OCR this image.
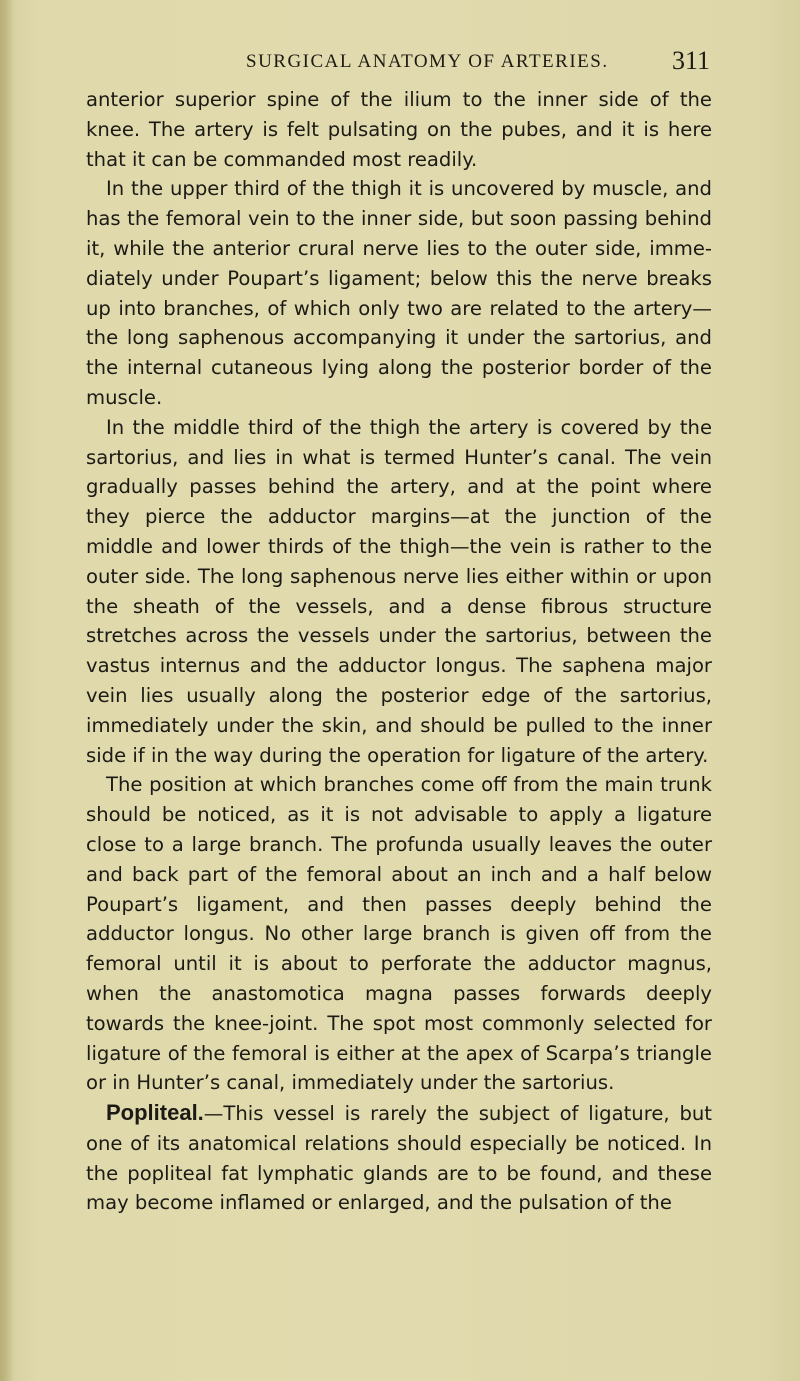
SURGICAL ANATOMY OF ARTERIES. 311

anterior superior spine of the ilium to the inner side of the knee. The artery is felt pulsating on the pubes, and it is here that it can be commanded most readily.

In the upper third of the thigh it is uncovered by muscle, and has the femoral vein to the inner side, but soon passing behind it, while the anterior crural nerve lies to the outer side, imme-diately under Poupart’s ligament; below this the nerve breaks up into branches, of which only two are related to the artery—the long saphenous accompanying it under the sartorius, and the internal cutaneous lying along the posterior border of the muscle.

In the middle third of the thigh the artery is covered by the sartorius, and lies in what is termed Hunter’s canal. The vein gradually passes behind the artery, and at the point where they pierce the adductor margins—at the junction of the middle and lower thirds of the thigh—the vein is rather to the outer side. The long saphenous nerve lies either within or upon the sheath of the vessels, and a dense fibrous structure stretches across the vessels under the sartorius, between the vastus internus and the adductor longus. The saphena major vein lies usually along the posterior edge of the sartorius, immediately under the skin, and should be pulled to the inner side if in the way during the operation for ligature of the artery.

The position at which branches come off from the main trunk should be noticed, as it is not advisable to apply a ligature close to a large branch. The profunda usually leaves the outer and back part of the femoral about an inch and a half below Poupart’s ligament, and then passes deeply behind the adductor longus. No other large branch is given off from the femoral until it is about to perforate the adductor magnus, when the anastomotica magna passes forwards deeply towards the knee-joint. The spot most commonly selected for ligature of the femoral is either at the apex of Scarpa’s triangle or in Hunter’s canal, immediately under the sartorius.

Popliteal.—This vessel is rarely the subject of ligature, but one of its anatomical relations should especially be noticed. In the popliteal fat lymphatic glands are to be found, and these may become inflamed or enlarged, and the pulsation of the
